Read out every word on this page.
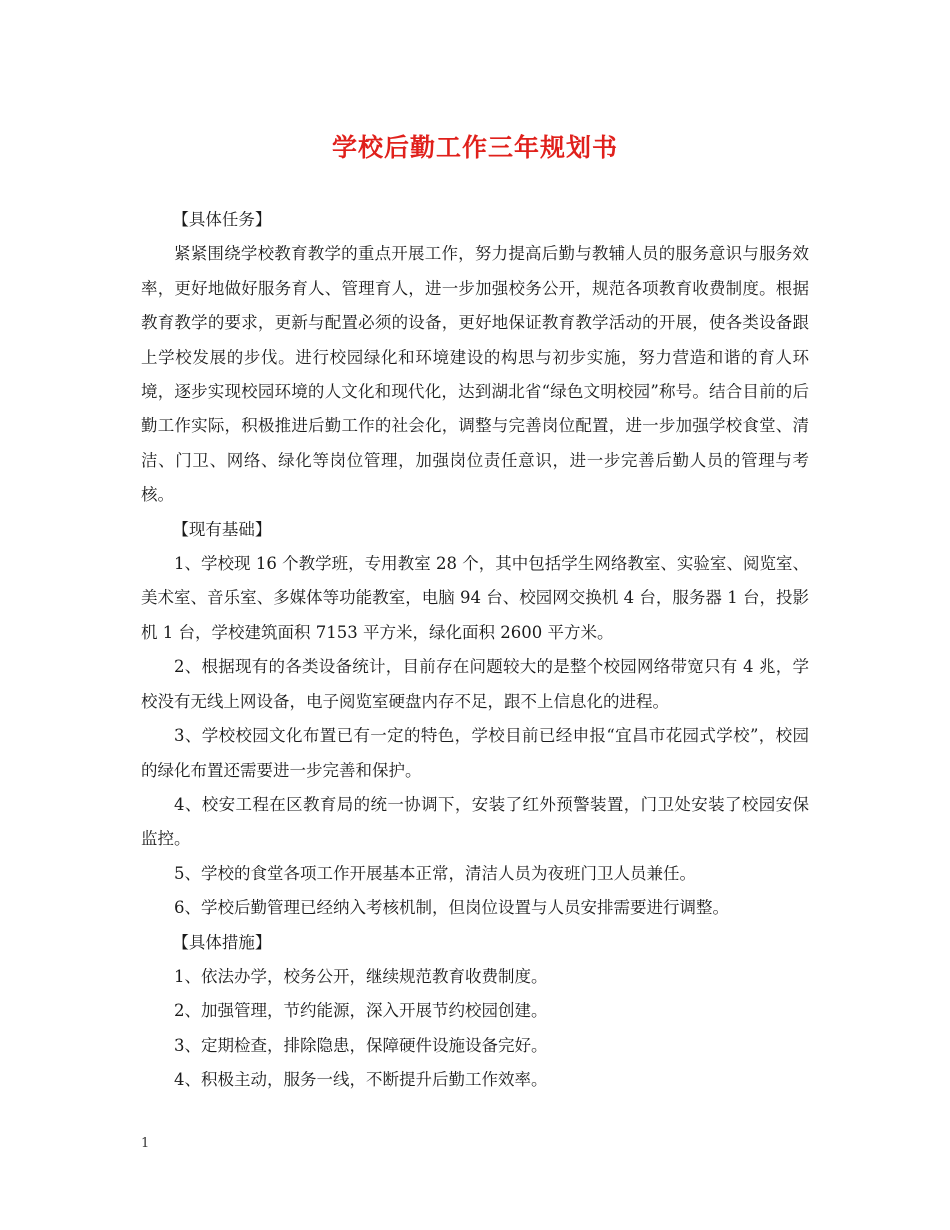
学校后勤工作三年规划书

【具体任务】

紧紧围绕学校教育教学的重点开展工作，努力提高后勤与教辅人员的服务意识与服务效率，更好地做好服务育人、管理育人，进一步加强校务公开，规范各项教育收费制度。根据教育教学的要求，更新与配置必须的设备，更好地保证教育教学活动的开展，使各类设备跟上学校发展的步伐。进行校园绿化和环境建设的构思与初步实施，努力营造和谐的育人环境，逐步实现校园环境的人文化和现代化，达到湖北省“绿色文明校园”称号。结合目前的后勤工作实际，积极推进后勤工作的社会化，调整与完善岗位配置，进一步加强学校食堂、清洁、门卫、网络、绿化等岗位管理，加强岗位责任意识，进一步完善后勤人员的管理与考核。

【现有基础】

1、学校现 16 个教学班，专用教室 28 个，其中包括学生网络教室、实验室、阅览室、美术室、音乐室、多媒体等功能教室，电脑 94 台、校园网交换机 4 台，服务器 1 台，投影机 1 台，学校建筑面积 7153 平方米，绿化面积 2600 平方米。

2、根据现有的各类设备统计，目前存在问题较大的是整个校园网络带宽只有 4 兆，学校没有无线上网设备，电子阅览室硬盘内存不足，跟不上信息化的进程。

3、学校校园文化布置已有一定的特色，学校目前已经申报“宜昌市花园式学校”，校园的绿化布置还需要进一步完善和保护。

4、校安工程在区教育局的统一协调下，安装了红外预警装置，门卫处安装了校园安保监控。

5、学校的食堂各项工作开展基本正常，清洁人员为夜班门卫人员兼任。

6、学校后勤管理已经纳入考核机制，但岗位设置与人员安排需要进行调整。

【具体措施】

1、依法办学，校务公开，继续规范教育收费制度。

2、加强管理，节约能源，深入开展节约校园创建。

3、定期检查，排除隐患，保障硬件设施设备完好。

4、积极主动，服务一线，不断提升后勤工作效率。

1
